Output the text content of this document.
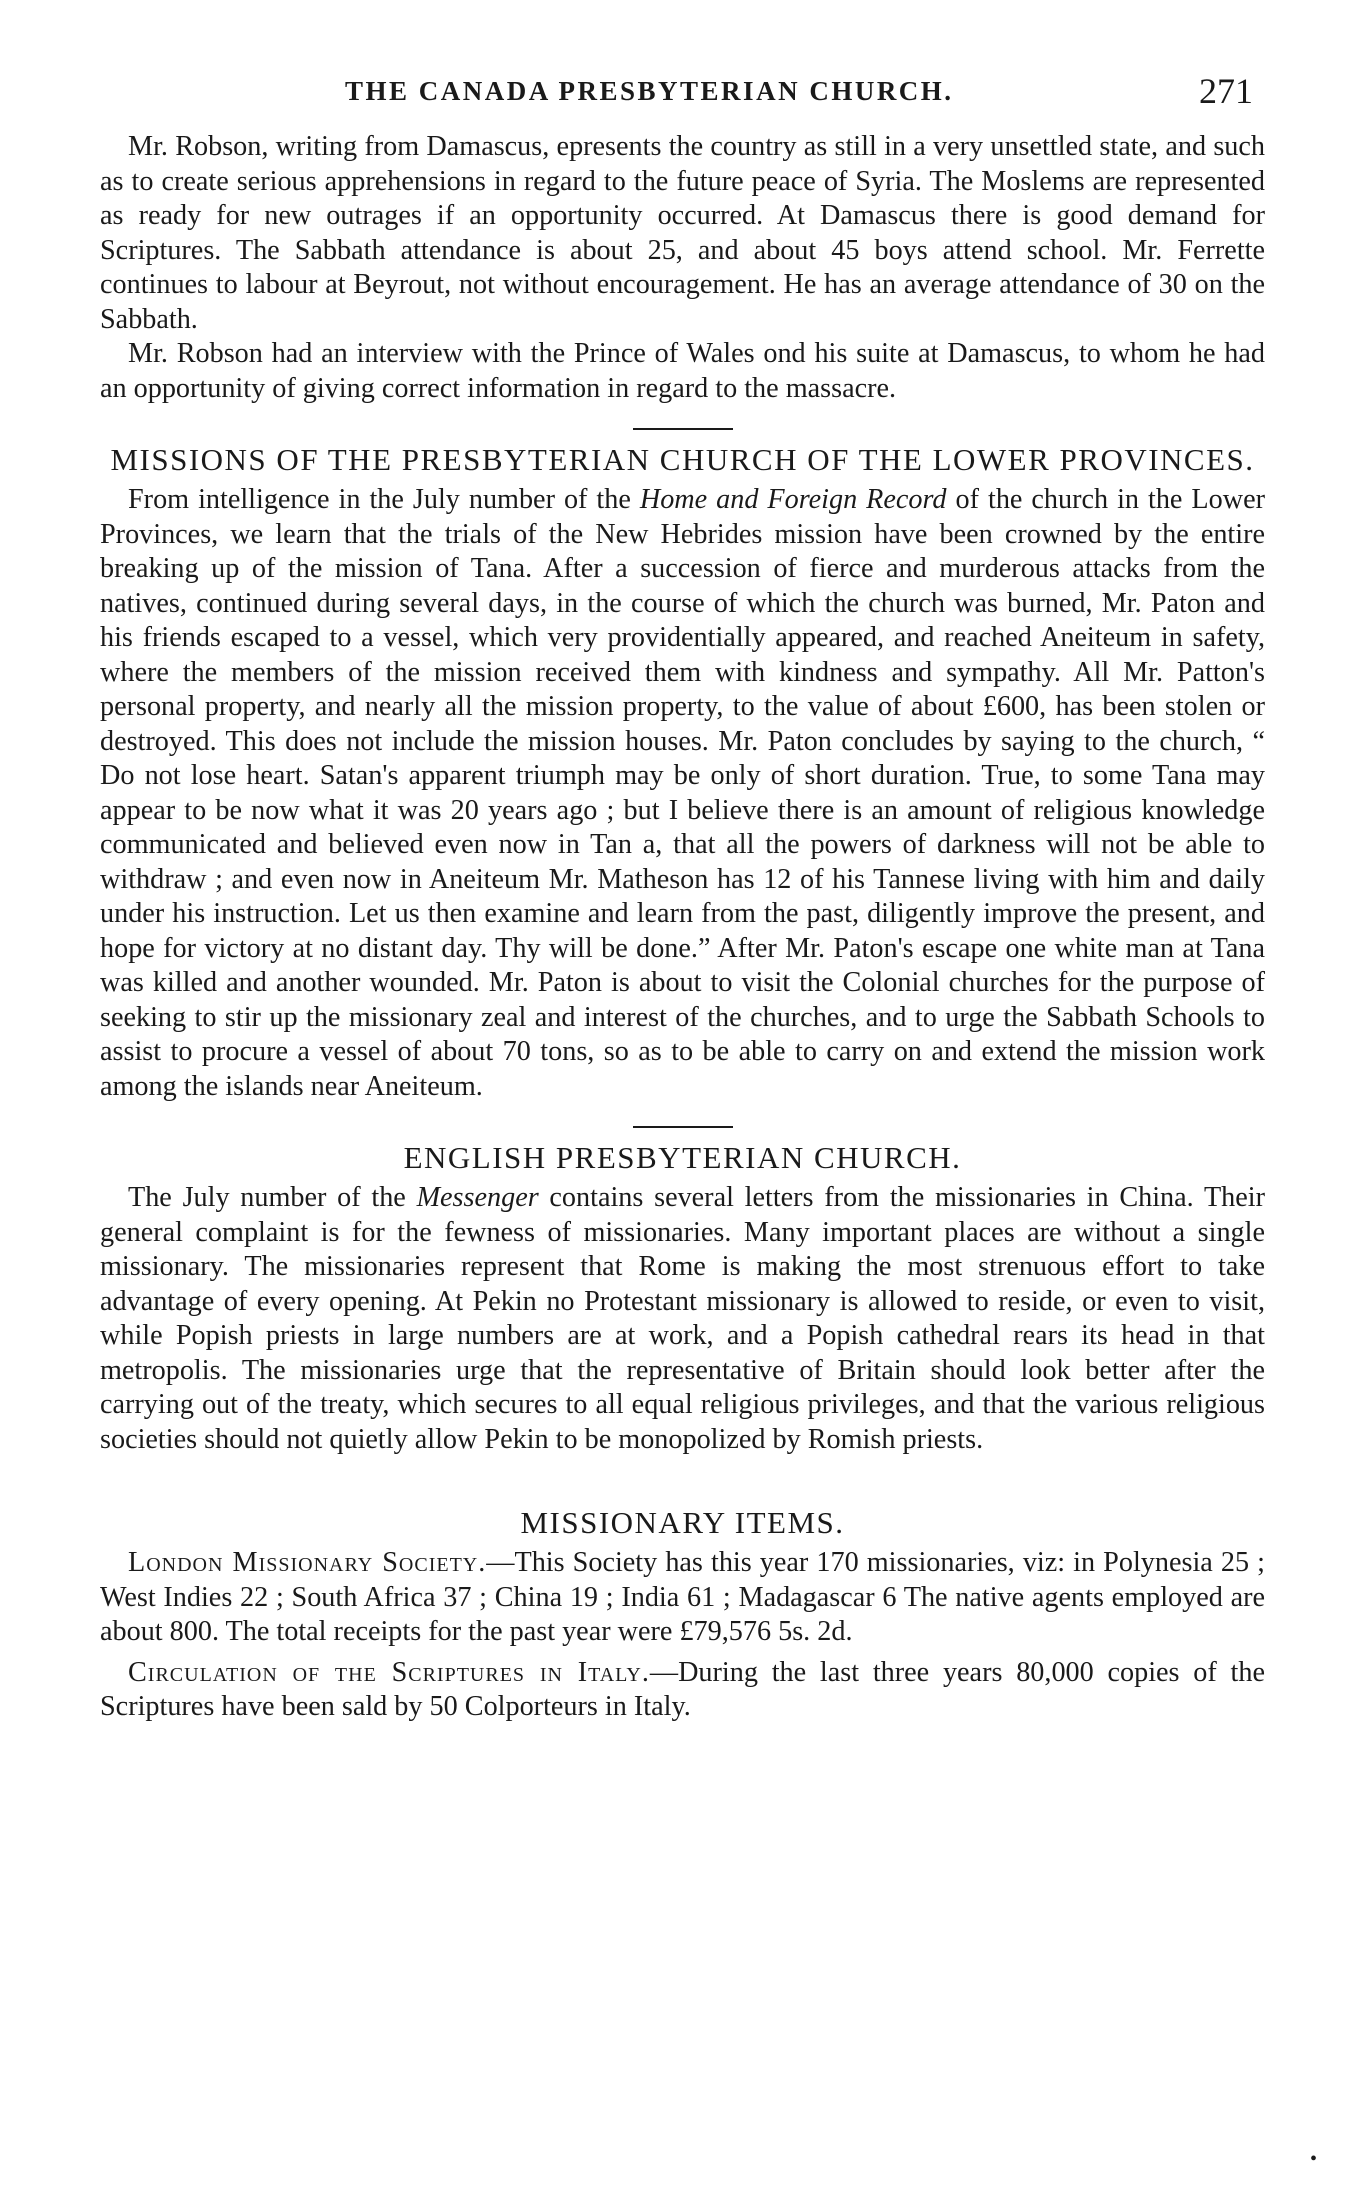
THE CANADA PRESBYTERIAN CHURCH.	271

Mr. Robson, writing from Damascus, epresents the country as still in a very unsettled state, and such as to create serious apprehensions in regard to the future peace of Syria. The Moslems are represented as ready for new outrages if an opportunity occurred. At Damascus there is good demand for Scriptures. The Sabbath attendance is about 25, and about 45 boys attend school. Mr. Ferrette continues to labour at Beyrout, not without encouragement. He has an average attendance of 30 on the Sabbath.

Mr. Robson had an interview with the Prince of Wales ond his suite at Damascus, to whom he had an opportunity of giving correct information in regard to the massacre.

MISSIONS OF THE PRESBYTERIAN CHURCH OF THE LOWER PROVINCES.

From intelligence in the July number of the Home and Foreign Record of the church in the Lower Provinces, we learn that the trials of the New Hebrides mission have been crowned by the entire breaking up of the mission of Tana. After a succession of fierce and murderous attacks from the natives, continued during several days, in the course of which the church was burned, Mr. Paton and his friends escaped to a vessel, which very providentially appeared, and reached Aneiteum in safety, where the members of the mission received them with kindness and sympathy. All Mr. Patton's personal property, and nearly all the mission property, to the value of about £600, has been stolen or destroyed. This does not include the mission houses. Mr. Paton concludes by saying to the church, “ Do not lose heart. Satan's apparent triumph may be only of short duration. True, to some Tana may appear to be now what it was 20 years ago ; but I believe there is an amount of religious knowledge communicated and believed even now in Tan a, that all the powers of darkness will not be able to withdraw ; and even now in Aneiteum Mr. Matheson has 12 of his Tannese living with him and daily under his instruction. Let us then examine and learn from the past, diligently improve the present, and hope for victory at no distant day. Thy will be done.” After Mr. Paton's escape one white man at Tana was killed and another wounded. Mr. Paton is about to visit the Colonial churches for the purpose of seeking to stir up the missionary zeal and interest of the churches, and to urge the Sabbath Schools to assist to procure a vessel of about 70 tons, so as to be able to carry on and extend the mission work among the islands near Aneiteum.

ENGLISH PRESBYTERIAN CHURCH.

The July number of the Messenger contains several letters from the missionaries in China. Their general complaint is for the fewness of missionaries. Many important places are without a single missionary. The missionaries represent that Rome is making the most strenuous effort to take advantage of every opening. At Pekin no Protestant missionary is allowed to reside, or even to visit, while Popish priests in large numbers are at work, and a Popish cathedral rears its head in that metropolis. The missionaries urge that the representative of Britain should look better after the carrying out of the treaty, which secures to all equal religious privileges, and that the various religious societies should not quietly allow Pekin to be monopolized by Romish priests.

MISSIONARY ITEMS.

London Missionary Society.—This Society has this year 170 missionaries, viz: in Polynesia 25 ; West Indies 22 ; South Africa 37 ; China 19 ; India 61 ; Madagascar 6 The native agents employed are about 800. The total receipts for the past year were £79,576 5s. 2d.

Circulation of the Scriptures in Italy.—During the last three years 80,000 copies of the Scriptures have been sald by 50 Colporteurs in Italy.

•
